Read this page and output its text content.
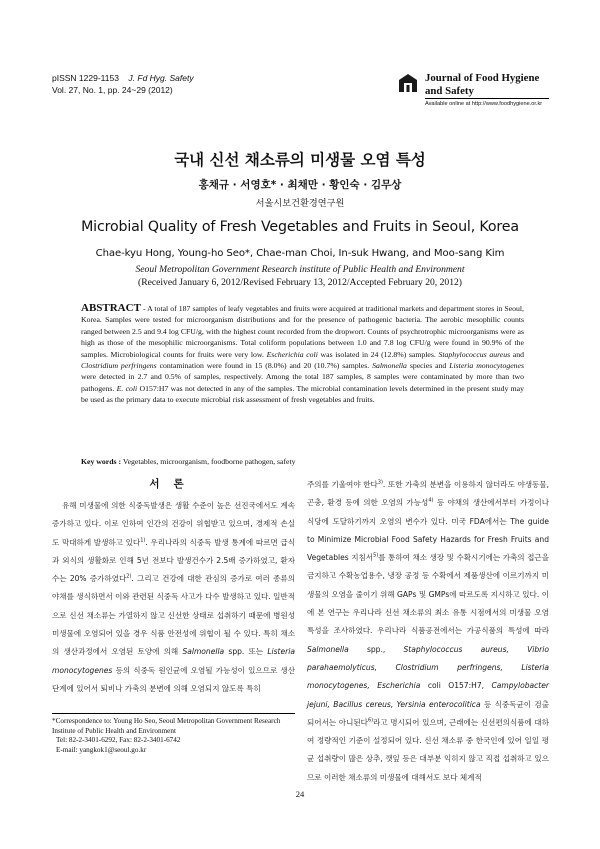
pISSN 1229-1153 J. Fd Hyg. Safety
Vol. 27, No. 1, pp. 24~29 (2012)
Journal of Food Hygiene
and Safety
Available online at http://www.foodhygiene.or.kr
국내 신선 채소류의 미생물 오염 특성
홍채규 · 서영호* · 최채만 · 황인숙 · 김무상
서울시보건환경연구원
Microbial Quality of Fresh Vegetables and Fruits in Seoul, Korea
Chae-kyu Hong, Young-ho Seo*, Chae-man Choi, In-suk Hwang, and Moo-sang Kim
Seoul Metropolitan Government Research institute of Public Health and Environment
(Received January 6, 2012/Revised February 13, 2012/Accepted February 20, 2012)
ABSTRACT - A total of 187 samples of leafy vegetables and fruits were acquired at traditional markets and department stores in Seoul, Korea. Samples were tested for microorganism distributions and for the presence of pathogenic bacteria. The aerobic mesophilic counts ranged between 2.5 and 9.4 log CFU/g, with the highest count recorded from the dropwort. Counts of psychrotrophic microorganisms were as high as those of the mesophilic microorganisms. Total coliform populations between 1.0 and 7.8 log CFU/g were found in 90.9% of the samples. Microbiological counts for fruits were very low. Escherichia coli was isolated in 24 (12.8%) samples. Staphylococcus aureus and Clostridium perfringens contamination were found in 15 (8.0%) and 20 (10.7%) samples. Salmonella species and Listeria monocytogenes were detected in 2.7 and 0.5% of samples, respectively. Among the total 187 samples, 8 samples were contaminated by more than two pathogens. E. coli O157:H7 was not detected in any of the samples. The microbial contamination levels determined in the present study may be used as the primary data to execute microbial risk assessment of fresh vegetables and fruits.
Key words : Vegetables, microorganism, foodborne pathogen, safety
서론
유해 미생물에 의한 식중독발생은 생활 수준이 높은 선진국에서도 계속 증가하고 있다. 이로 인하여 인간의 건강이 위협받고 있으며, 경제적 손실도 막대하게 발생하고 있다$^{1)}$. 우리나라의 식중독 발생 통계에 따르면 급식과 외식의 생활화로 인해 5년 전보다 발생건수가 2.5배 증가하였고, 환자수는 20% 증가하였다$^{2)}$. 그리고 건강에 대한 관심의 증가로 여러 종류의 야채를 생식하면서 이와 관련된 식중독 사고가 다수 발생하고 있다. 일반적으로 신선 채소류는 가열하지 않고 신선한 상태로 섭취하기 때문에 병원성 미생물에 오염되어 있을 경우 식품 안전성에 위협이 될 수 있다. 특히 채소의 생산과정에서 오염된 토양에 의해 Salmonella spp. 또는 Listeria monocytogenes 등의 식중독 원인균에 오염될 가능성이 있으므로 생산단계에 있어서 퇴비나 가축의 분변에 의해 오염되지 않도록 특히
주의를 기울여야 한다$^{3)}$. 또한 가축의 분변을 이용하지 않더라도 야생동물, 곤충, 환경 등에 의한 오염의 가능성$^{4)}$ 등 야채의 생산에서부터 가정이나 식당에 도달하기까지 오염의 변수가 있다. 미국 FDA에서는 The guide to Minimize Microbial Food Safety Hazards for Fresh Fruits and Vegetables 지침서$^{5)}$를 통하여 채소 생장 및 수확시기에는 가축의 접근을 금지하고 수확농업용수, 냉장 공정 등 수확에서 제품생산에 이르기까지 미생물의 오염을 줄이기 위해 GAPs 및 GMPs에 따르도록 지시하고 있다. 이에 본 연구는 우리나라 신선 채소류의 최소 유통 시점에서의 미생물 오염 특성을 조사하였다. 우리나라 식품공전에서는 가공식품의 특성에 따라 Salmonella spp., Staphylococcus aureus, Vibrio parahaemolyticus, Clostridium perfringens, Listeria monocytogenes, Escherichia coli O157:H7, Campylobacter jejuni, Bacillus cereus, Yersinia enterocolitica 등 식중독균이 검출되어서는 아니된다$^{6)}$라고 명시되어 있으며, 근래에는 신선편의식품에 대하여 정량적인 기준이 설정되어 있다. 신선 채소류 중 한국인에 있어 일일 평균 섭취량이 많은 상추, 깻잎 등은 대부분 익히지 않고 직접 섭취하고 있으므로 이러한 채소류의 미생물에 대해서도 보다 체계적
*Correspondence to: Young Ho Seo, Seoul Metropolitan Government Research Institute of Public Health and Environment
Tel: 82-2-3401-6292, Fax: 82-2-3401-6742
E-mail: yangkok1@seoul.go.kr
24
